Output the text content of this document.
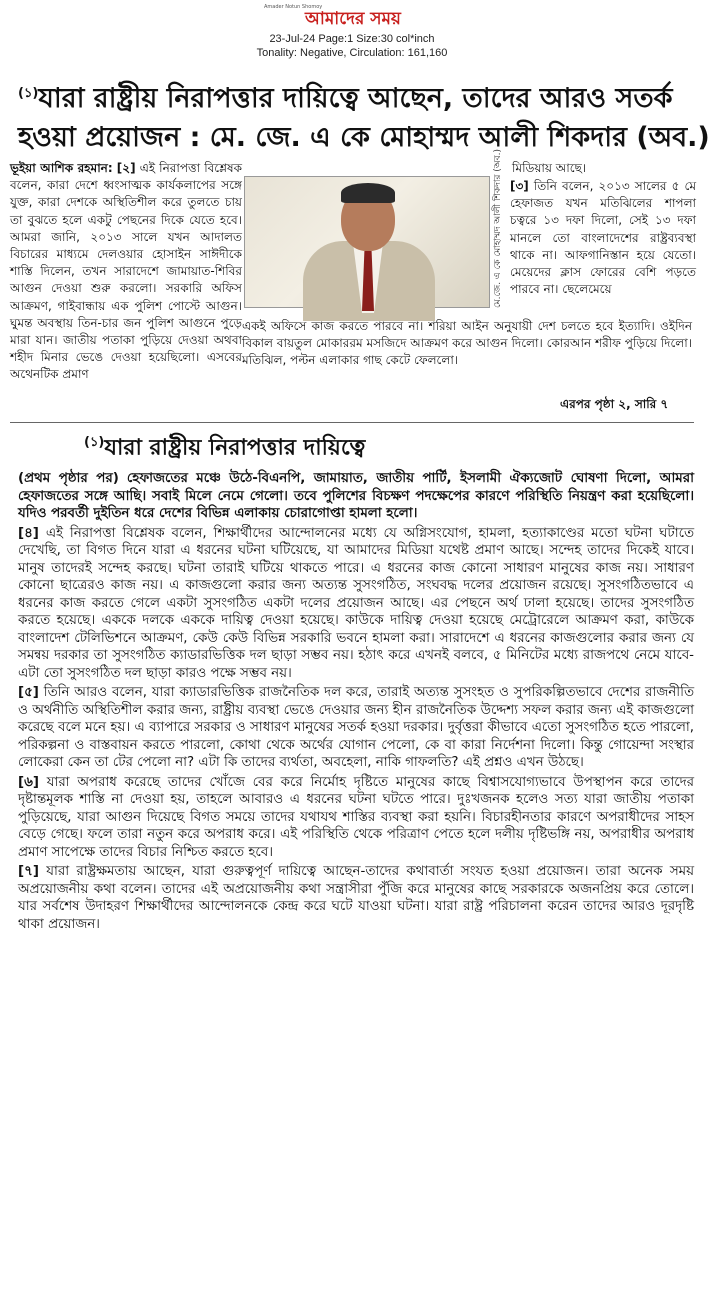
Amader Notun Shomoy
আমাদের সময়
23-Jul-24 Page:1 Size:30 col*inch
Tonality: Negative, Circulation: 161,160
$^{(১)}$যারা রাষ্ট্রীয় নিরাপত্তার দায়িত্বে আছেন, তাদের আরও সতর্ক
হওয়া প্রয়োজন : মে. জে. এ কে মোহাম্মদ আলী শিকদার (অব.)
ভূইয়া আশিক রহমান: [২] এই নিরাপত্তা বিশ্লেষক বলেন, কারা দেশে ধ্বংসাত্মক কার্যকলাপের সঙ্গে যুক্ত, কারা দেশকে অস্থিতিশীল করে তুলতে চায় তা বুঝতে হলে একটু পেছনের দিকে যেতে হবে। আমরা জানি, ২০১৩ সালে যখন আদালত বিচারের মাধ্যমে দেলওয়ার হোসাইন সাঈদীকে শাস্তি দিলেন, তখন সারাদেশে জামায়াত-শিবির আগুন দেওয়া শুরু করলো। সরকারি অফিস আক্রমণ, গাইবান্ধায় এক পুলিশ পোস্টে আগুন। ঘুমন্ত অবস্থায় তিন-চার জন পুলিশ আগুনে পুড়ে মারা যান। জাতীয় পতাকা পুড়িয়ে দেওয়া অথবা শহীদ মিনার ভেঙে দেওয়া হয়েছিলো। এসবের অথেনটিক প্রমাণ
মে.জে. এ কে মোহাম্মদ আলী শিকদার (অব.) মিডিয়ায় আছে।
[৩] তিনি বলেন, ২০১৩ সালের ৫ মে হেফাজত যখন মতিঝিলের শাপলা চত্বরে ১৩ দফা দিলো, সেই ১৩ দফা মানলে তো বাংলাদেশের রাষ্ট্রব্যবস্থা থাকে না। আফগানিস্তান হয়ে যেতো। মেয়েদের ক্লাস ফোরের বেশি পড়তে পারবে না। ছেলেমেয়ে
একই অফিসে কাজ করতে পারবে না। শরিয়া আইন অনুযায়ী দেশ চলতে হবে ইত্যাদি। ওইদিন বিকাল বায়তুল মোকাররম মসজিদে আক্রমণ করে আগুন দিলো। কোরআন শরীফ পুড়িয়ে দিলো। মতিঝিল, পল্টন এলাকার গাছ কেটে ফেললো।
এরপর পৃষ্ঠা ২, সারি ৭
$^{(১)}$যারা রাষ্ট্রীয় নিরাপত্তার দায়িত্বে
(প্রথম পৃষ্ঠার পর) হেফাজতের মঞ্চে উঠে-বিএনপি, জামায়াত, জাতীয় পার্টি, ইসলামী ঐক্যজোট ঘোষণা দিলো, আমরা হেফাজতের সঙ্গে আছি। সবাই মিলে নেমে গেলো। তবে পুলিশের বিচক্ষণ পদক্ষেপের কারণে পরিস্থিতি নিয়ন্ত্রণ করা হয়েছিলো। যদিও পরবর্তী দুইতিন ধরে দেশের বিভিন্ন এলাকায় চোরাগোপ্তা হামলা হলো।
[৪] এই নিরাপত্তা বিশ্লেষক বলেন, শিক্ষার্থীদের আন্দোলনের মধ্যে যে অগ্নিসংযোগ, হামলা, হত্যাকাণ্ডের মতো ঘটনা ঘটাতে দেখেছি, তা বিগত দিনে যারা এ ধরনের ঘটনা ঘটিয়েছে, যা আমাদের মিডিয়া যথেষ্ট প্রমাণ আছে। সন্দেহ তাদের দিকেই যাবে। মানুষ তাদেরই সন্দেহ করছে। ঘটনা তারাই ঘটিয়ে থাকতে পারে। এ ধরনের কাজ কোনো সাধারণ মানুষের কাজ নয়। সাধারণ কোনো ছাত্রেরও কাজ নয়। এ কাজগুলো করার জন্য অত্যন্ত সুসংগঠিত, সংঘবদ্ধ দলের প্রয়োজন রয়েছে। সুসংগঠিতভাবে এ ধরনের কাজ করতে গেলে একটা সুসংগঠিত একটা দলের প্রয়োজন আছে। এর পেছনে অর্থ ঢালা হয়েছে। তাদের সুসংগঠিত করতে হয়েছে। এককে দলকে এককে দায়িত্ব দেওয়া হয়েছে। কাউকে দায়িত্ব দেওয়া হয়েছে মেট্রোরেলে আক্রমণ করা, কাউকে বাংলাদেশ টেলিভিশনে আক্রমণ, কেউ কেউ বিভিন্ন সরকারি ভবনে হামলা করা। সারাদেশে এ ধরনের কাজগুলোর করার জন্য যে সমন্বয় দরকার তা সুসংগঠিত ক্যাডারভিত্তিক দল ছাড়া সম্ভব নয়। হঠাৎ করে এখনই বলবে, ৫ মিনিটের মধ্যে রাজপথে নেমে যাবে-এটা তো সুসংগঠিত দল ছাড়া কারও পক্ষে সম্ভব নয়।
[৫] তিনি আরও বলেন, যারা ক্যাডারভিত্তিক রাজনৈতিক দল করে, তারাই অত্যন্ত সুসংহত ও সুপরিকল্পিতভাবে দেশের রাজনীতি ও অর্থনীতি অস্থিতিশীল করার জন্য, রাষ্ট্রীয় ব্যবস্থা ভেঙে দেওয়ার জন্য হীন রাজনৈতিক উদ্দেশ্য সফল করার জন্য এই কাজগুলো করেছে বলে মনে হয়। এ ব্যাপারে সরকার ও সাধারণ মানুষের সতর্ক হওয়া দরকার। দুর্বৃত্তরা কীভাবে এতো সুসংগঠিত হতে পারলো, পরিকল্পনা ও বাস্তবায়ন করতে পারলো, কোথা থেকে অর্থের যোগান পেলো, কে বা কারা নির্দেশনা দিলো। কিন্তু গোয়েন্দা সংস্থার লোকেরা কেন তা টের পেলো না? এটা কি তাদের ব্যর্থতা, অবহেলা, নাকি গাফলতি? এই প্রশ্নও এখন উঠছে।
[৬] যারা অপরাধ করেছে তাদের খোঁজে বের করে নির্মোহ দৃষ্টিতে মানুষের কাছে বিশ্বাসযোগ্যভাবে উপস্থাপন করে তাদের দৃষ্টান্তমূলক শাস্তি না দেওয়া হয়, তাহলে আবারও এ ধরনের ঘটনা ঘটতে পারে। দুঃখজনক হলেও সত্য যারা জাতীয় পতাকা পুড়িয়েছে, যারা আগুন দিয়েছে বিগত সময়ে তাদের যথাযথ শাস্তির ব্যবস্থা করা হয়নি। বিচারহীনতার কারণে অপরাধীদের সাহস বেড়ে গেছে। ফলে তারা নতুন করে অপরাধ করে। এই পরিস্থিতি থেকে পরিত্রাণ পেতে হলে দলীয় দৃষ্টিভঙ্গি নয়, অপরাধীর অপরাধ প্রমাণ সাপেক্ষে তাদের বিচার নিশ্চিত করতে হবে।
[৭] যারা রাষ্ট্রক্ষমতায় আছেন, যারা গুরুত্বপূর্ণ দায়িত্বে আছেন-তাদের কথাবার্তা সংযত হওয়া প্রয়োজন। তারা অনেক সময় অপ্রয়োজনীয় কথা বলেন। তাদের এই অপ্রয়োজনীয় কথা সন্ত্রাসীরা পুঁজি করে মানুষের কাছে সরকারকে অজনপ্রিয় করে তোলে। যার সর্বশেষ উদাহরণ শিক্ষার্থীদের আন্দোলনকে কেন্দ্র করে ঘটে যাওয়া ঘটনা। যারা রাষ্ট্র পরিচালনা করেন তাদের আরও দূরদৃষ্টি থাকা প্রয়োজন।
